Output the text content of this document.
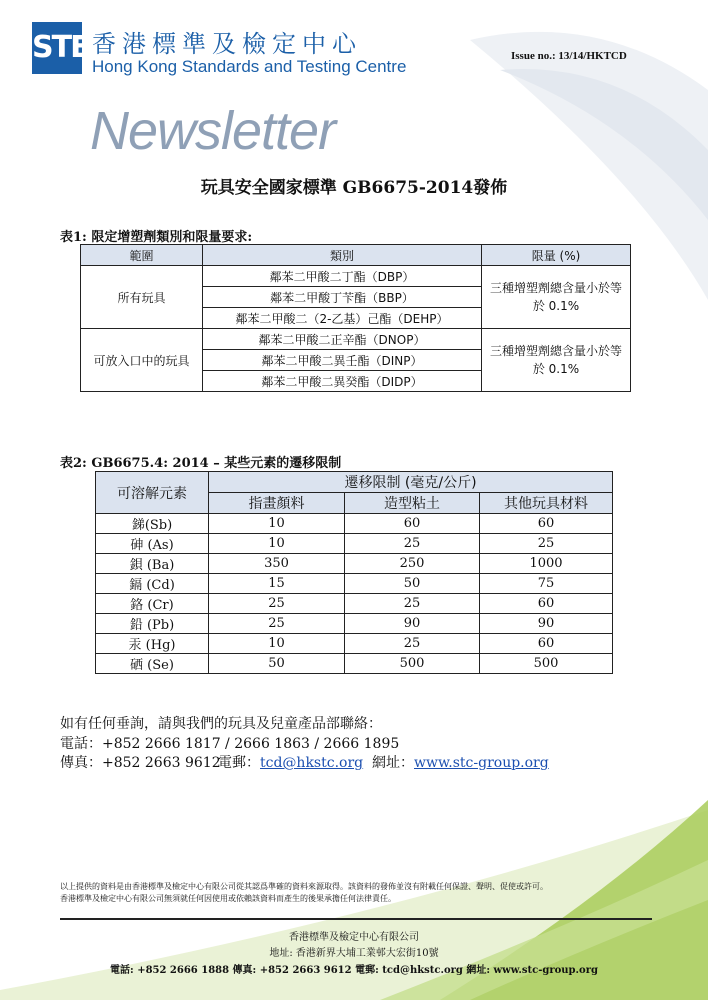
STE 香港標準及檢定中心
Hong Kong Standards and Testing Centre
Issue no.: 13/14/HKTCD
Newsletter
玩具安全國家標準 GB6675-2014發佈
表1: 限定增塑劑類別和限量要求:
範圍	類別	限量 (%)
所有玩具	鄰苯二甲酸二丁酯（DBP）	三種增塑劑總含量小於等於 0.1%
	鄰苯二甲酸丁苄酯（BBP）	
	鄰苯二甲酸二（2-乙基）己酯（DEHP）	
可放入口中的玩具	鄰苯二甲酸二正辛酯（DNOP）	三種增塑劑總含量小於等於 0.1%
	鄰苯二甲酸二異壬酯（DINP）	
	鄰苯二甲酸二異癸酯（DIDP）	
表2: GB6675.4: 2014 – 某些元素的遷移限制
可溶解元素	遷移限制 (毫克/公斤)		
	指畫顏料	造型粘土	其他玩具材料
銻(Sb)	10	60	60
砷 (As)	10	25	25
鋇 (Ba)	350	250	1000
鎘 (Cd)	15	50	75
鉻 (Cr)	25	25	60
鉛 (Pb)	25	90	90
汞 (Hg)	10	25	60
硒 (Se)	50	500	500
如有任何垂詢，請與我們的玩具及兒童產品部聯絡：
電話：+852 2666 1817 / 2666 1863 / 2666 1895
傳真：+852 2663 9612
電郵：tcd@hkstc.org 網址：www.stc-group.org
以上提供的資料是由香港標準及檢定中心有限公司從其認爲準確的資料來源取得。該資料的發佈並沒有附載任何保證、聲明、促使或許可。
香港標準及檢定中心有限公司無須就任何因使用或依賴該資料而產生的後果承擔任何法律責任。
香港標準及檢定中心有限公司
地址: 香港新界大埔工業邨大宏街10號
電話: +852 2666 1888 傳真: +852 2663 9612 電郵: tcd@hkstc.org 網址: www.stc-group.org
